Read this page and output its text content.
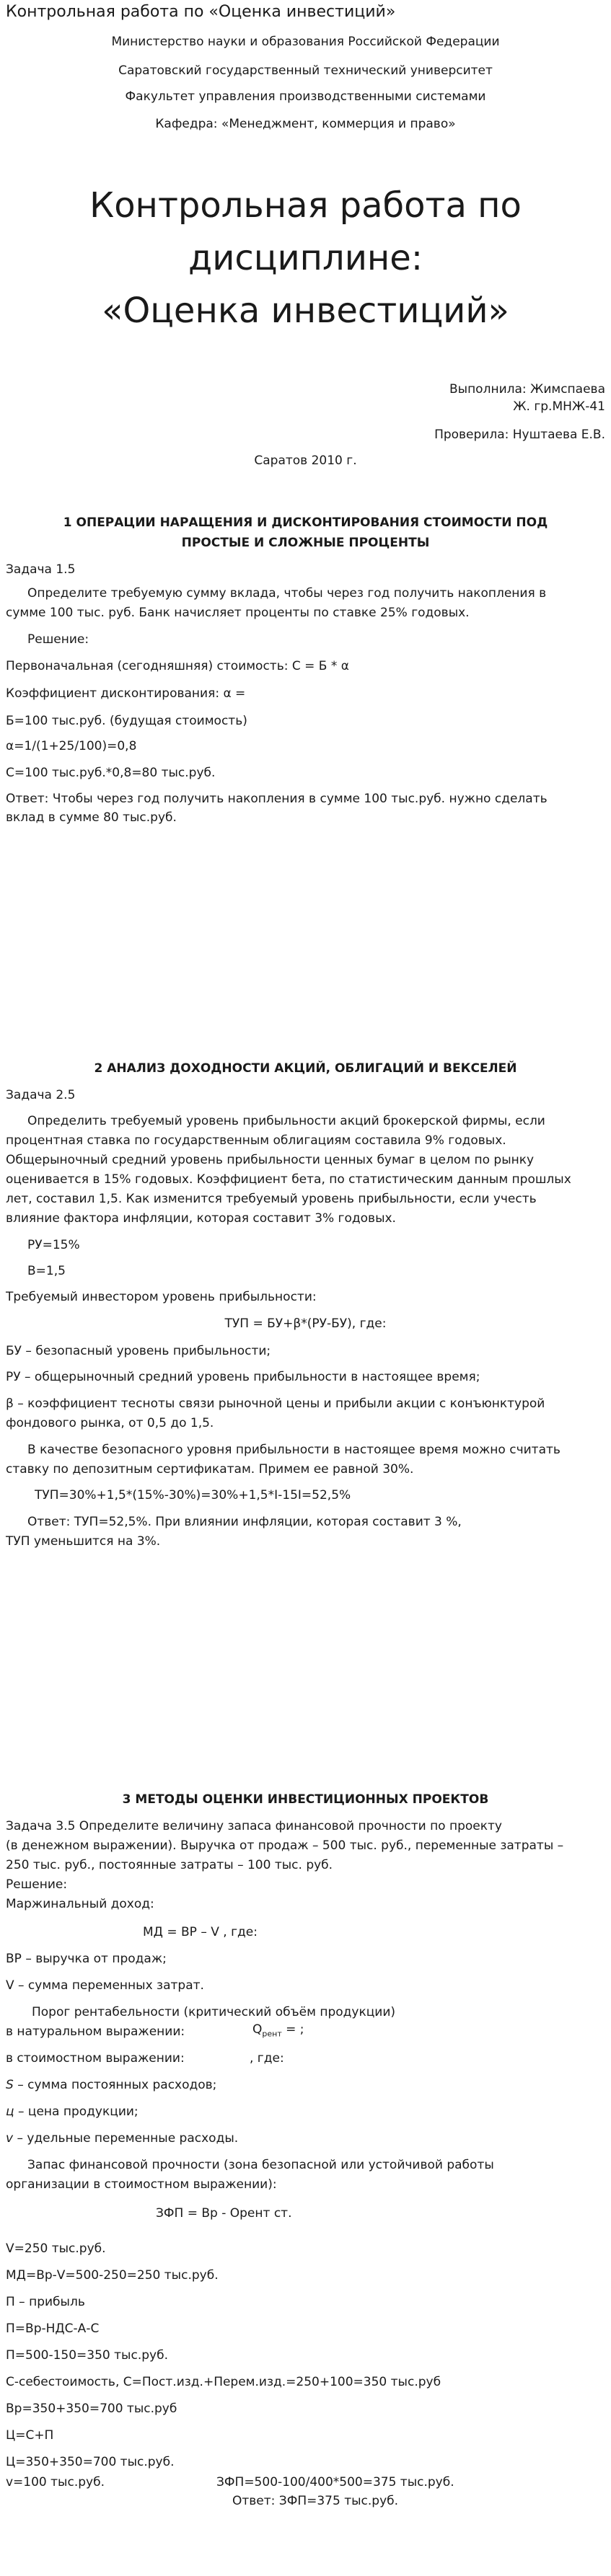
Контрольная работа по «Оценка инвестиций»

Министерство науки и образования Российской Федерации

Саратовский государственный технический университет

Факультет управления производственными системами

Кафедра: «Менеджмент, коммерция и право»

Контрольная работа по

дисциплине:

«Оценка инвестиций»

Выполнила: Жимспаева

Ж. гр.МНЖ-41

Проверила: Нуштаева Е.В.

Саратов 2010 г.

1 ОПЕРАЦИИ НАРАЩЕНИЯ И ДИСКОНТИРОВАНИЯ СТОИМОСТИ ПОД

ПРОСТЫЕ И СЛОЖНЫЕ ПРОЦЕНТЫ

Задача 1.5

Определите требуемую сумму вклада, чтобы через год получить накопления в

сумме 100 тыс. руб. Банк начисляет проценты по ставке 25% годовых.

Решение:

Первоначальная (сегодняшняя) стоимость: С = Б * α

Коэффициент дисконтирования: α =

Б=100 тыс.руб. (будущая стоимость)

α=1/(1+25/100)=0,8

С=100 тыс.руб.*0,8=80 тыс.руб.

Ответ: Чтобы через год получить накопления в сумме 100 тыс.руб. нужно сделать

вклад в сумме 80 тыс.руб.

2 АНАЛИЗ ДОХОДНОСТИ АКЦИЙ, ОБЛИГАЦИЙ И ВЕКСЕЛЕЙ

Задача 2.5

Определить требуемый уровень прибыльности акций брокерской фирмы, если

процентная ставка по государственным облигациям составила 9% годовых.

Общерыночный средний уровень прибыльности ценных бумаг в целом по рынку

оценивается в 15% годовых. Коэффициент бета, по статистическим данным прошлых

лет, составил 1,5. Как изменится требуемый уровень прибыльности, если учесть

влияние фактора инфляции, которая составит 3% годовых.

РУ=15%

В=1,5

Требуемый инвестором уровень прибыльности:

ТУП = БУ+β*(РУ-БУ), где:

БУ – безопасный уровень прибыльности;

РУ – общерыночный средний уровень прибыльности в настоящее время;

β – коэффициент тесноты связи рыночной цены и прибыли акции с конъюнктурой

фондового рынка, от 0,5 до 1,5.

В качестве безопасного уровня прибыльности в настоящее время можно считать

ставку по депозитным сертификатам. Примем ее равной 30%.

ТУП=30%+1,5*(15%-30%)=30%+1,5*I-15I=52,5%

Ответ: ТУП=52,5%. При влиянии инфляции, которая составит 3 %,

ТУП уменьшится на 3%.

3 МЕТОДЫ ОЦЕНКИ ИНВЕСТИЦИОННЫХ ПРОЕКТОВ

Задача 3.5 Определите величину запаса финансовой прочности по проекту

(в денежном выражении). Выручка от продаж – 500 тыс. руб., переменные затраты –

250 тыс. руб., постоянные затраты – 100 тыс. руб.

Решение:

Маржинальный доход:

МД = ВР – V , где:

ВР – выручка от продаж;

V – сумма переменных затрат.

Порог рентабельности (критический объём продукции)

в натуральном выражении:	$Q_{рент}$ = ;

в стоимостном выражении:	, где:

S – сумма постоянных расходов;

ц – цена продукции;

v – удельные переменные расходы.

Запас финансовой прочности (зона безопасной или устойчивой работы

организации в стоимостном выражении):

ЗФП = Вр - Орент ст.

V=250 тыс.руб.

МД=Вр-V=500-250=250 тыс.руб.

П – прибыль

П=Вр-НДС-А-С

П=500-150=350 тыс.руб.

С-себестоимость, С=Пост.изд.+Перем.изд.=250+100=350 тыс.руб

Вр=350+350=700 тыс.руб

Ц=С+П

Ц=350+350=700 тыс.руб.

v=100 тыс.руб.	ЗФП=500-100/400*500=375 тыс.руб.

Ответ: ЗФП=375 тыс.руб.
